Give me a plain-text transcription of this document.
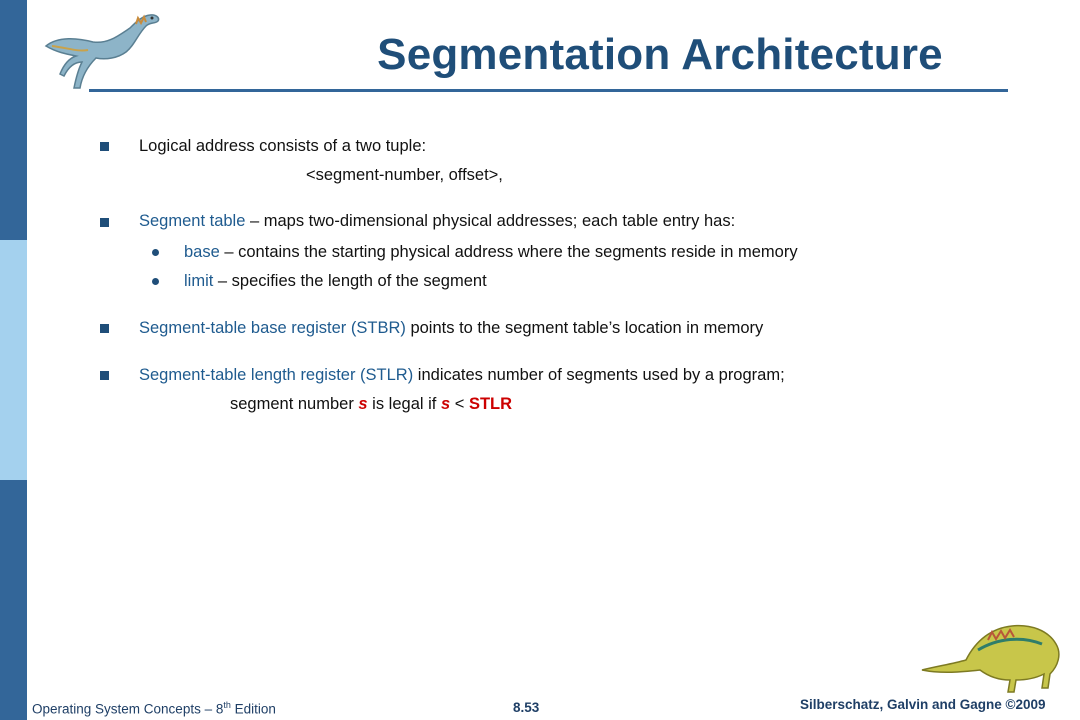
Segmentation Architecture
Logical address consists of a two tuple:
<segment-number, offset>,
Segment table – maps two-dimensional physical addresses; each table entry has:
base – contains the starting physical address where the segments reside in memory
limit – specifies the length of the segment
Segment-table base register (STBR) points to the segment table’s location in memory
Segment-table length register (STLR) indicates number of segments used by a program;
segment number s is legal if s < STLR
Operating System Concepts – 8th Edition	8.53	Silberschatz, Galvin and Gagne ©2009
